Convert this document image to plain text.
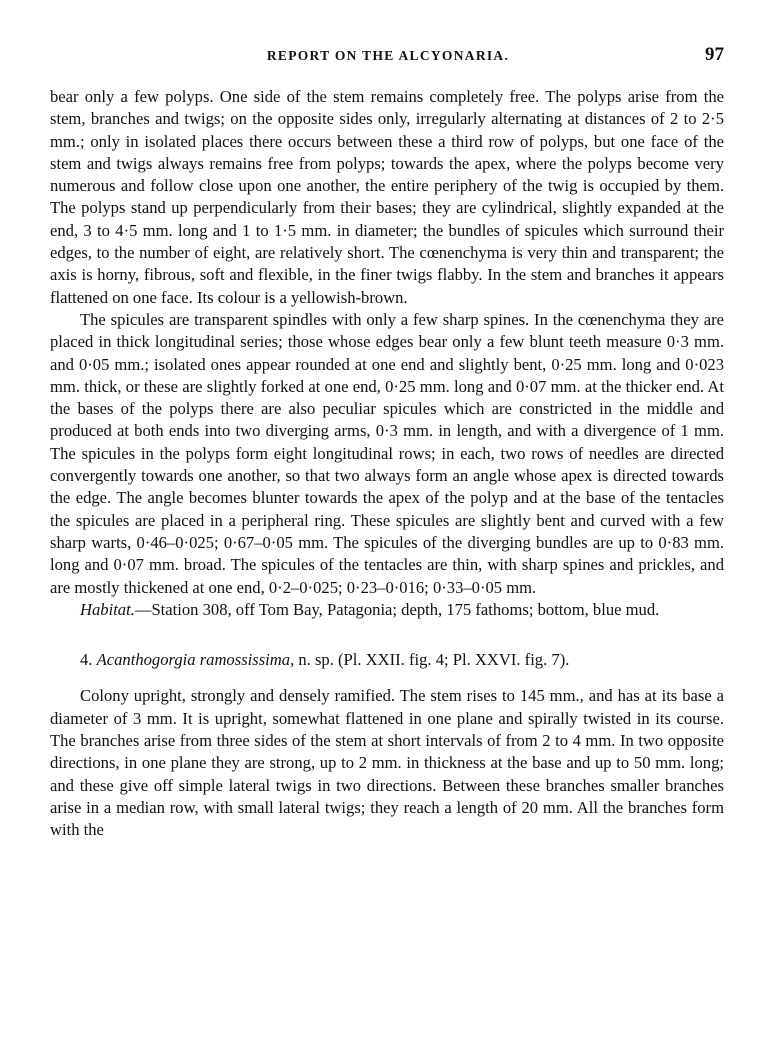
REPORT ON THE ALCYONARIA.	97

bear only a few polyps. One side of the stem remains completely free. The polyps arise from the stem, branches and twigs; on the opposite sides only, irregularly alternating at distances of 2 to 2·5 mm.; only in isolated places there occurs between these a third row of polyps, but one face of the stem and twigs always remains free from polyps; towards the apex, where the polyps become very numerous and follow close upon one another, the entire periphery of the twig is occupied by them. The polyps stand up perpendicularly from their bases; they are cylindrical, slightly expanded at the end, 3 to 4·5 mm. long and 1 to 1·5 mm. in diameter; the bundles of spicules which surround their edges, to the number of eight, are relatively short. The cœnenchyma is very thin and transparent; the axis is horny, fibrous, soft and flexible, in the finer twigs flabby. In the stem and branches it appears flattened on one face. Its colour is a yellowish-brown.

The spicules are transparent spindles with only a few sharp spines. In the cœnenchyma they are placed in thick longitudinal series; those whose edges bear only a few blunt teeth measure 0·3 mm. and 0·05 mm.; isolated ones appear rounded at one end and slightly bent, 0·25 mm. long and 0·023 mm. thick, or these are slightly forked at one end, 0·25 mm. long and 0·07 mm. at the thicker end. At the bases of the polyps there are also peculiar spicules which are constricted in the middle and produced at both ends into two diverging arms, 0·3 mm. in length, and with a divergence of 1 mm. The spicules in the polyps form eight longitudinal rows; in each, two rows of needles are directed convergently towards one another, so that two always form an angle whose apex is directed towards the edge. The angle becomes blunter towards the apex of the polyp and at the base of the tentacles the spicules are placed in a peripheral ring. These spicules are slightly bent and curved with a few sharp warts, 0·46–0·025; 0·67–0·05 mm. The spicules of the diverging bundles are up to 0·83 mm. long and 0·07 mm. broad. The spicules of the tentacles are thin, with sharp spines and prickles, and are mostly thickened at one end, 0·2–0·025; 0·23–0·016; 0·33–0·05 mm.

Habitat.—Station 308, off Tom Bay, Patagonia; depth, 175 fathoms; bottom, blue mud.

4. Acanthogorgia ramossissima, n. sp. (Pl. XXII. fig. 4; Pl. XXVI. fig. 7).

Colony upright, strongly and densely ramified. The stem rises to 145 mm., and has at its base a diameter of 3 mm. It is upright, somewhat flattened in one plane and spirally twisted in its course. The branches arise from three sides of the stem at short intervals of from 2 to 4 mm. In two opposite directions, in one plane they are strong, up to 2 mm. in thickness at the base and up to 50 mm. long; and these give off simple lateral twigs in two directions. Between these branches smaller branches arise in a median row, with small lateral twigs; they reach a length of 20 mm. All the branches form with the
